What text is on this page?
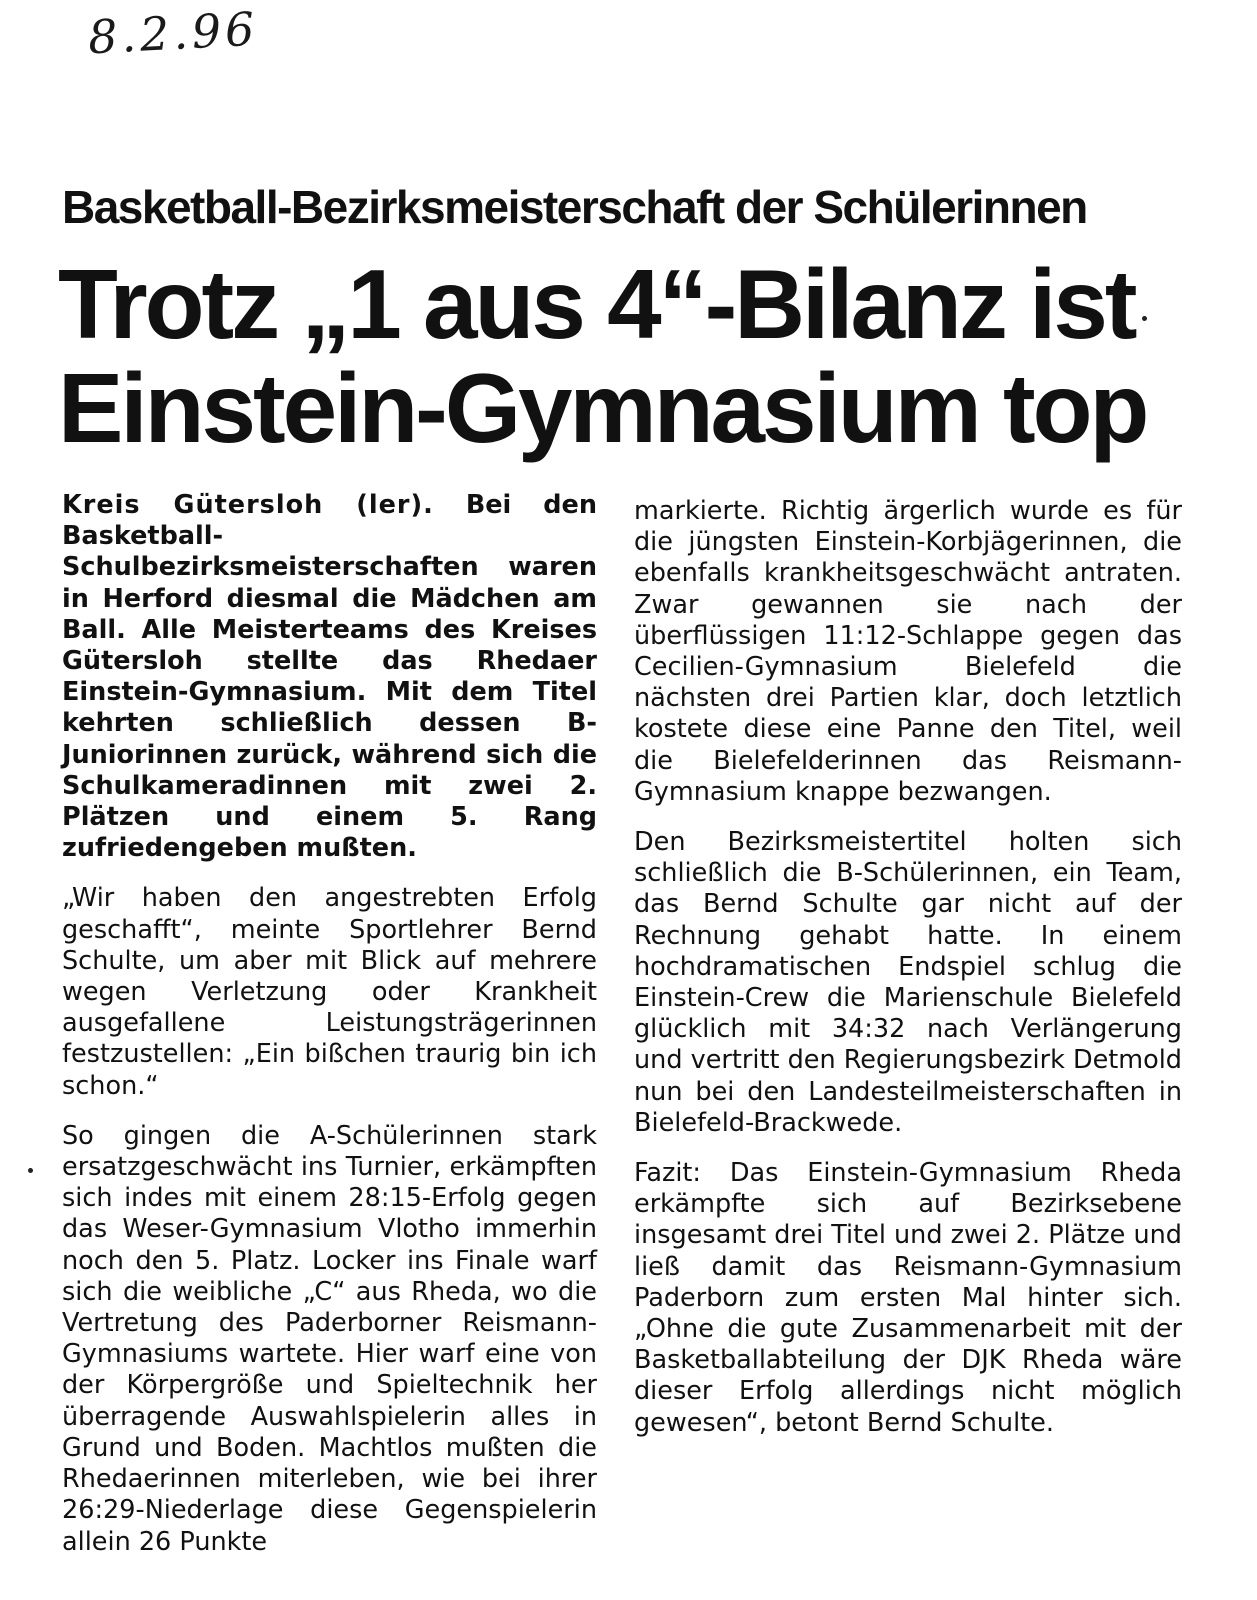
8.2.96
Basketball-Bezirksmeisterschaft der Schülerinnen
Trotz „1 aus 4“-Bilanz ist
Einstein-Gymnasium top

Kreis Gütersloh (ler). Bei den Basketball-Schulbezirksmeisterschaften waren in Herford diesmal die Mädchen am Ball. Alle Meisterteams des Kreises Gütersloh stellte das Rhedaer Einstein-Gymnasium. Mit dem Titel kehrten schließlich dessen B-Juniorinnen zurück, während sich die Schulkameradinnen mit zwei 2. Plätzen und einem 5. Rang zufriedengeben mußten.

„Wir haben den angestrebten Erfolg geschafft“, meinte Sportlehrer Bernd Schulte, um aber mit Blick auf mehrere wegen Verletzung oder Krankheit ausgefallene Leistungsträgerinnen festzustellen: „Ein bißchen traurig bin ich schon.“

So gingen die A-Schülerinnen stark ersatzgeschwächt ins Turnier, erkämpften sich indes mit einem 28:15-Erfolg gegen das Weser-Gymnasium Vlotho immerhin noch den 5. Platz. Locker ins Finale warf sich die weibliche „C“ aus Rheda, wo die Vertretung des Paderborner Reismann-Gymnasiums wartete. Hier warf eine von der Körpergröße und Spieltechnik her überragende Auswahlspielerin alles in Grund und Boden. Machtlos mußten die Rhedaerinnen miterleben, wie bei ihrer 26:29-Niederlage diese Gegenspielerin allein 26 Punkte

markierte. Richtig ärgerlich wurde es für die jüngsten Einstein-Korbjägerinnen, die ebenfalls krankheitsgeschwächt antraten. Zwar gewannen sie nach der überflüssigen 11:12-Schlappe gegen das Cecilien-Gymnasium Bielefeld die nächsten drei Partien klar, doch letztlich kostete diese eine Panne den Titel, weil die Bielefelderinnen das Reismann-Gymnasium knappe bezwangen.

Den Bezirksmeistertitel holten sich schließlich die B-Schülerinnen, ein Team, das Bernd Schulte gar nicht auf der Rechnung gehabt hatte. In einem hochdramatischen Endspiel schlug die Einstein-Crew die Marienschule Bielefeld glücklich mit 34:32 nach Verlängerung und vertritt den Regierungsbezirk Detmold nun bei den Landesteilmeisterschaften in Bielefeld-Brackwede.

Fazit: Das Einstein-Gymnasium Rheda erkämpfte sich auf Bezirksebene insgesamt drei Titel und zwei 2. Plätze und ließ damit das Reismann-Gymnasium Paderborn zum ersten Mal hinter sich. „Ohne die gute Zusammenarbeit mit der Basketballabteilung der DJK Rheda wäre dieser Erfolg allerdings nicht möglich gewesen“, betont Bernd Schulte.
